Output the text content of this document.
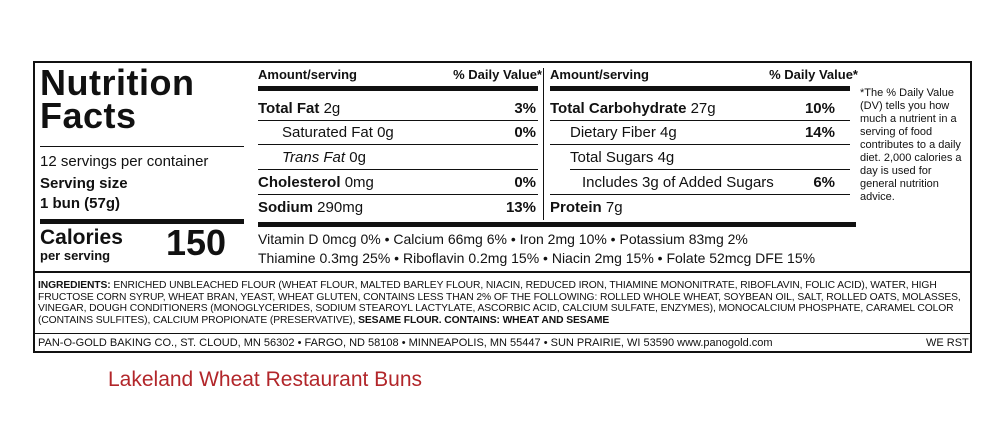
Nutrition
Facts
12 servings per container
Serving size
1 bun (57g)
Calories
per serving 150
Amount/serving	% Daily Value*
Total Fat 2g	3%
Saturated Fat 0g	0%
Trans Fat 0g
Cholesterol 0mg	0%
Sodium 290mg	13%
Amount/serving	% Daily Value*
Total Carbohydrate 27g	10%
Dietary Fiber 4g	14%
Total Sugars 4g
Includes 3g of Added Sugars	6%
Protein 7g
*The % Daily Value (DV) tells you how much a nutrient in a serving of food contributes to a daily diet. 2,000 calories a day is used for general nutrition advice.
Vitamin D 0mcg 0% • Calcium 66mg 6% • Iron 2mg 10% • Potassium 83mg 2%
Thiamine 0.3mg 25% • Riboflavin 0.2mg 15% • Niacin 2mg 15% • Folate 52mcg DFE 15%
INGREDIENTS: ENRICHED UNBLEACHED FLOUR (WHEAT FLOUR, MALTED BARLEY FLOUR, NIACIN, REDUCED IRON, THIAMINE MONONITRATE, RIBOFLAVIN, FOLIC ACID), WATER, HIGH FRUCTOSE CORN SYRUP, WHEAT BRAN, YEAST, WHEAT GLUTEN, CONTAINS LESS THAN 2% OF THE FOLLOWING: ROLLED WHOLE WHEAT, SOYBEAN OIL, SALT, ROLLED OATS, MOLASSES, VINEGAR, DOUGH CONDITIONERS (MONOGLYCERIDES, SODIUM STEAROYL LACTYLATE, ASCORBIC ACID, CALCIUM SULFATE, ENZYMES), MONOCALCIUM PHOSPHATE, CARAMEL COLOR (CONTAINS SULFITES), CALCIUM PROPIONATE (PRESERVATIVE), SESAME FLOUR. CONTAINS: WHEAT AND SESAME
PAN-O-GOLD BAKING CO., ST. CLOUD, MN 56302 • FARGO, ND 58108 • MINNEAPOLIS, MN 55447 • SUN PRAIRIE, WI 53590 www.panogold.com	WE RST
Lakeland Wheat Restaurant Buns
